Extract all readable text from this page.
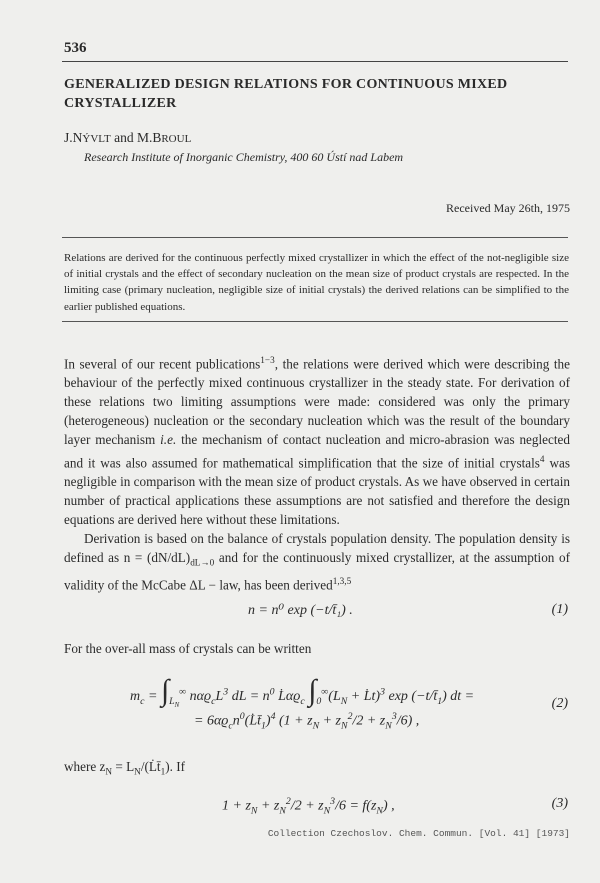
536
GENERALIZED DESIGN RELATIONS FOR CONTINUOUS MIXED CRYSTALLIZER
J.NÝVLT and M.BROUL
Research Institute of Inorganic Chemistry, 400 60 Ústí nad Labem
Received May 26th, 1975
Relations are derived for the continuous perfectly mixed crystallizer in which the effect of the not-negligible size of initial crystals and the effect of secondary nucleation on the mean size of product crystals are respected. In the limiting case (primary nucleation, negligible size of initial crystals) the derived relations can be simplified to the earlier published equations.

In several of our recent publications$^{1-3}$, the relations were derived which were describing the behaviour of the perfectly mixed continuous crystallizer in the steady state. For derivation of these relations two limiting assumptions were made: considered was only the primary (heterogeneous) nucleation or the secondary nucleation which was the result of the boundary layer mechanism i.e. the mechanism of contact nucleation and micro-abrasion was neglected and it was also assumed for mathematical simplification that the size of initial crystals$^4$ was negligible in comparison with the mean size of product crystals. As we have observed in certain number of practical applications these assumptions are not satisfied and therefore the design equations are derived here without these limitations.

Derivation is based on the balance of crystals population density. The population density is defined as $n = (dN/dL)_{dL\to 0}$ and for the continuously mixed crystallizer, at the assumption of validity of the McCabe ΔL − law, has been derived$^{1,3,5}$

n = n⁰ exp (−t/t̄₁) .	(1)
For the over-all mass of crystals can be written
$m_c = \int_{L_N}^\infty$ $n\alpha ϱ_cL^3$ dL = $n^0$ $L̇\alpha ϱ_c$ $\int_0^\infty(L_N$ + L̇t)$^3$ $\exp (-t/t̄_1)$ dt =
= $6\alpha ϱ_cn^0(L̇t̄_1)^4$ $(1 + z_N + z_N^2/2 + z_N^3/6)$ ,
(2)
where $z_N$ = $L_N/(L̇t̄_1)$. If
$1 + z_N + z_N^2/2 + z_N^3/6 = f(z_N)$ ,	(3)
Collection Czechoslov. Chem. Commun. [Vol. 41] [1973]
